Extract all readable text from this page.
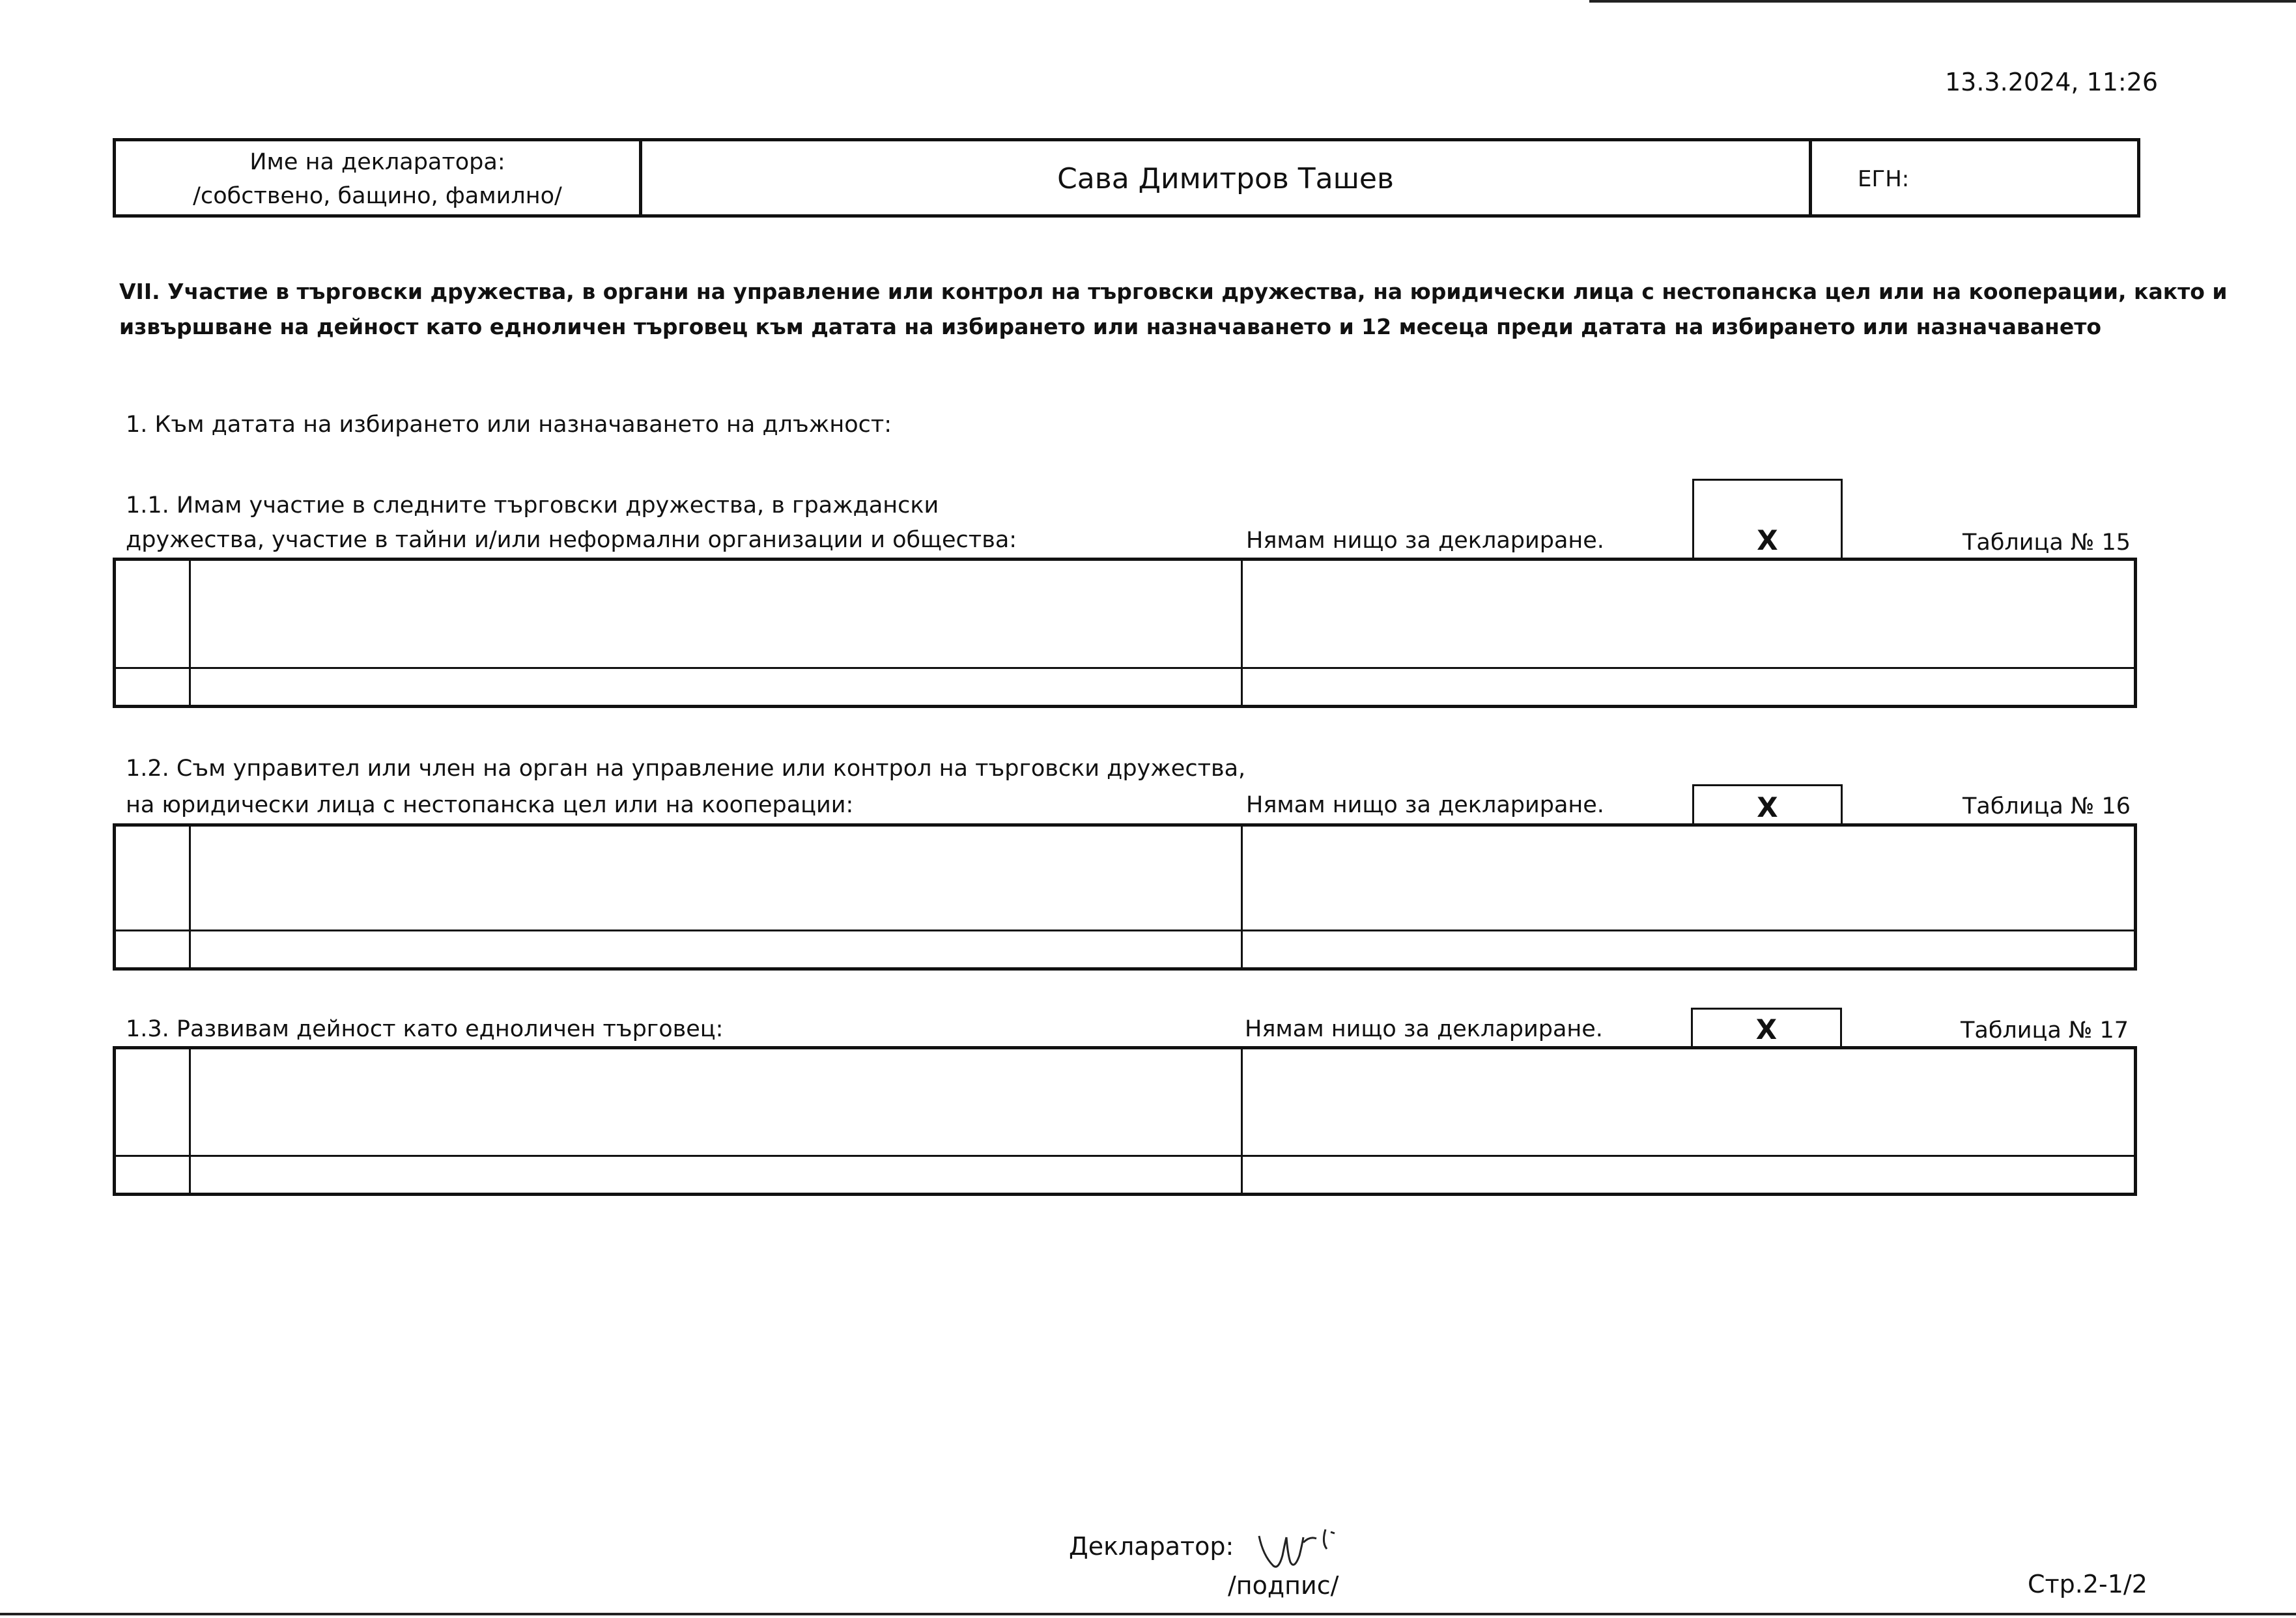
13.3.2024, 11:26
Име на декларатора:
/собствено, бащино, фамилно/
Сава Димитров Ташев	ЕГН:
VII. Участие в търговски дружества, в органи на управление или контрол на търговски дружества, на юридически лица с нестопанска цел или на кооперации, както и
извършване на дейност като едноличен търговец към датата на избирането или назначаването и 12 месеца преди датата на избирането или назначаването
1. Към датата на избирането или назначаването на длъжност:
1.1. Имам участие в следните търговски дружества, в граждански
дружества, участие в тайни и/или неформални организации и общества:	Нямам нищо за деклариране.	X	Таблица № 15
1.2. Съм управител или член на орган на управление или контрол на търговски дружества,
на юридически лица с нестопанска цел или на кооперации:	Нямам нищо за деклариране.	X	Таблица № 16
1.3. Развивам дейност като едноличен търговец:	Нямам нищо за деклариране.	X	Таблица № 17
Декларатор:
/подпис/	Стр.2-1/2
